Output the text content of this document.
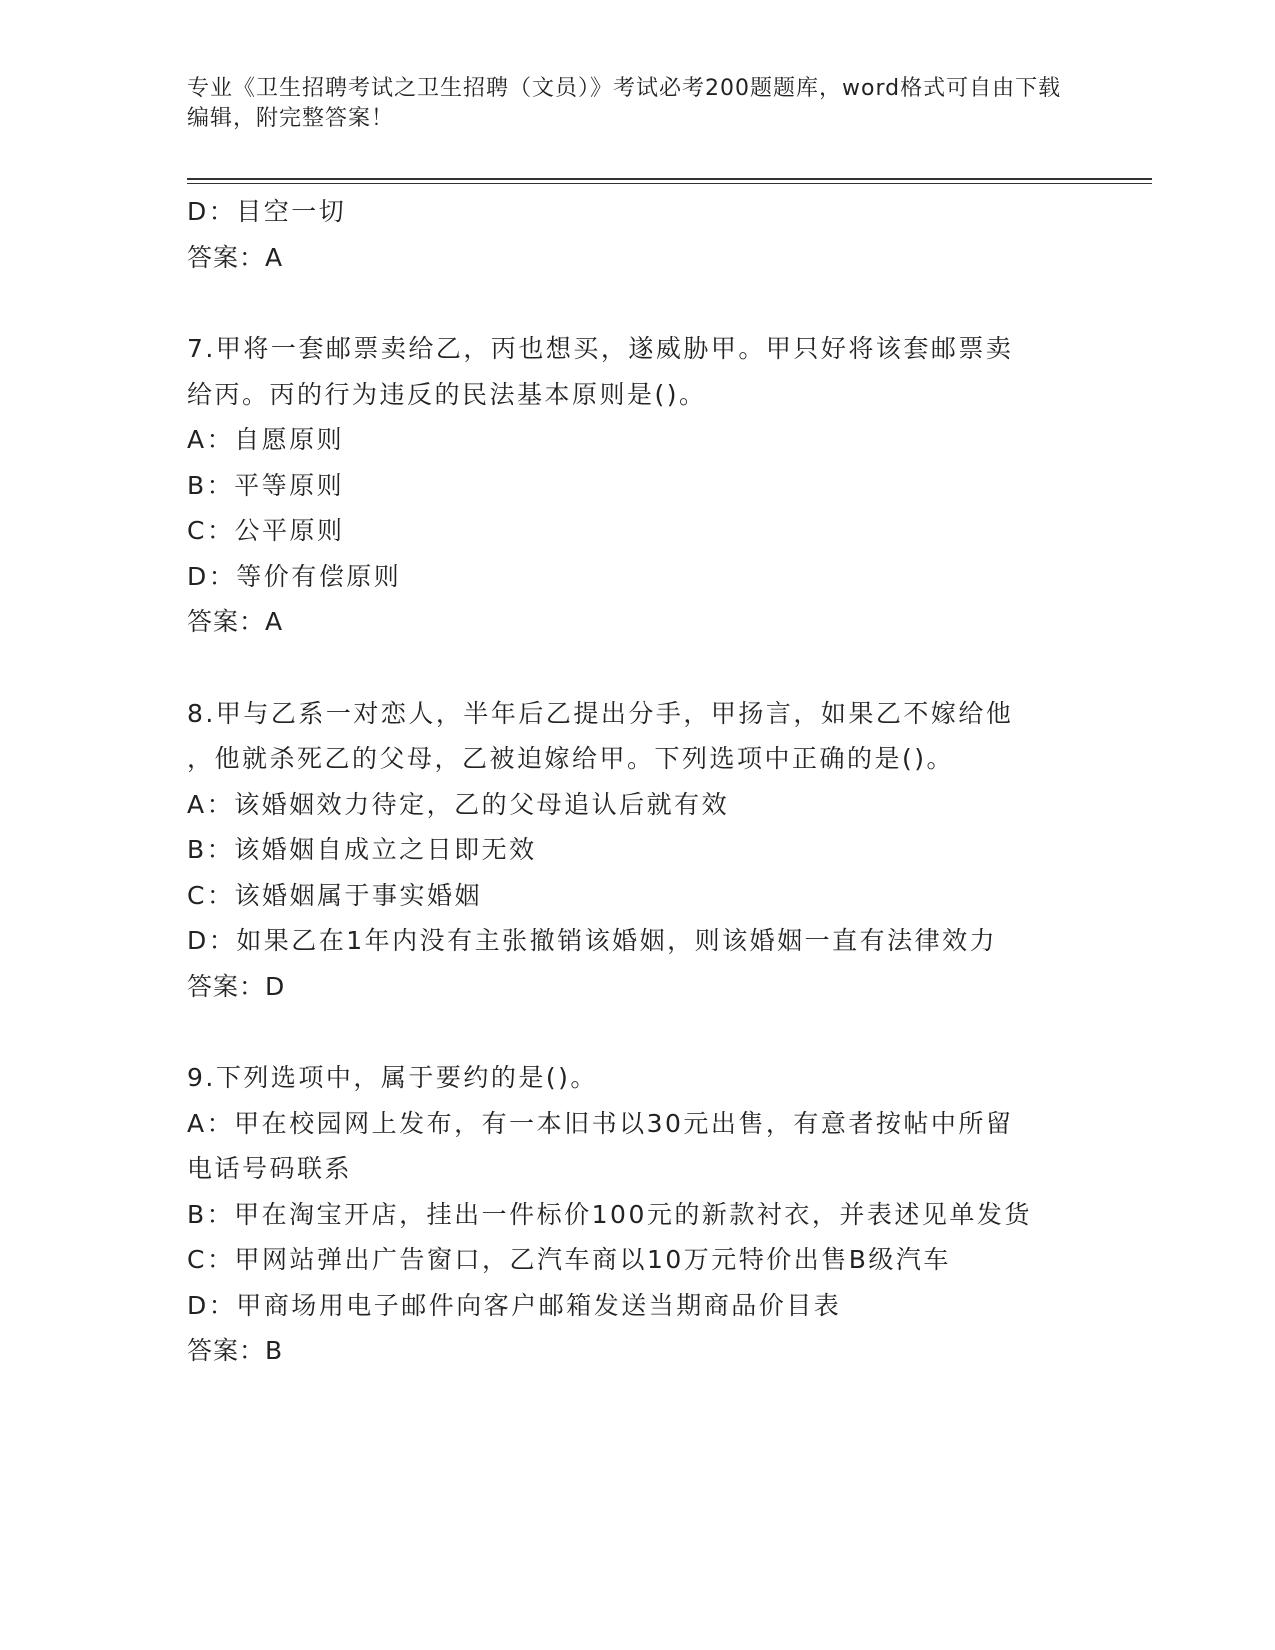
专业《卫生招聘考试之卫生招聘（文员）》考试必考200题题库，word格式可自由下载编辑，附完整答案！
D：目空一切
答案：A
7.甲将一套邮票卖给乙，丙也想买，遂威胁甲。甲只好将该套邮票卖
给丙。丙的行为违反的民法基本原则是()。
A：自愿原则
B：平等原则
C：公平原则
D：等价有偿原则
答案：A
8.甲与乙系一对恋人，半年后乙提出分手，甲扬言，如果乙不嫁给他
，他就杀死乙的父母，乙被迫嫁给甲。下列选项中正确的是()。
A：该婚姻效力待定，乙的父母追认后就有效
B：该婚姻自成立之日即无效
C：该婚姻属于事实婚姻
D：如果乙在1年内没有主张撤销该婚姻，则该婚姻一直有法律效力
答案：D
9.下列选项中，属于要约的是()。
A：甲在校园网上发布，有一本旧书以30元出售，有意者按帖中所留
电话号码联系
B：甲在淘宝开店，挂出一件标价100元的新款衬衣，并表述见单发货
C：甲网站弹出广告窗口，乙汽车商以10万元特价出售B级汽车
D：甲商场用电子邮件向客户邮箱发送当期商品价目表
答案：B
